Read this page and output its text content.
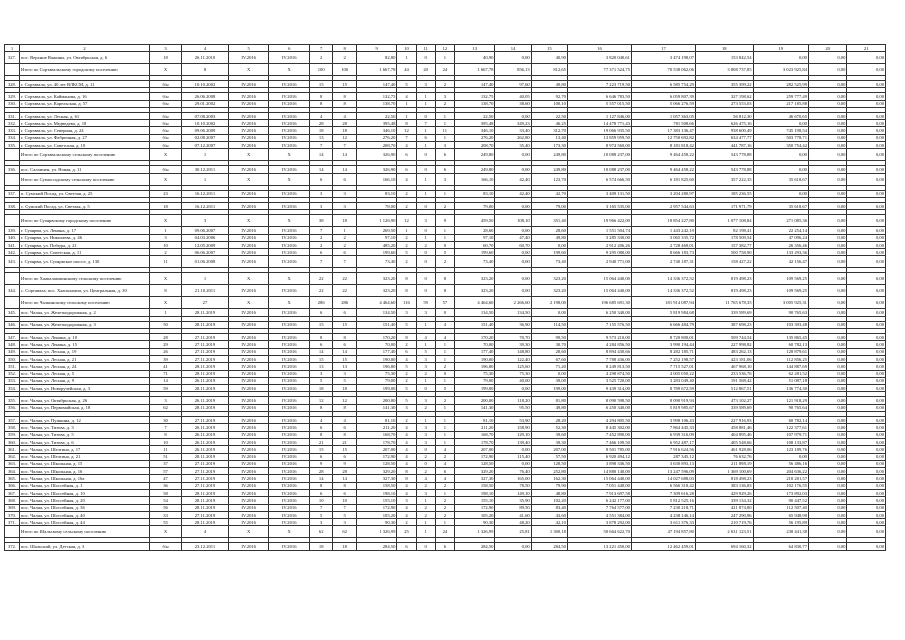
1	2	3	4	5	6	7	8	9	10	11	12	13	14	15	16	17	18	19	20	21
327.	пос. Верхние Важины, ул. Октябрьская, д. 6	18	26.11.2010	IV.2016	IV.2016	2	2	82,80	1	0	1	40,90	0,00	40,90	3 820 040,61	3 474 198,07	153 842,54	0,00	0,00	0,00
	Итого по Сортавальскому городскому поселению	X	8	X	X	100	100	1 667,78	44	20	24	1 667,78	856,13	812,65	77 371 524,75	70 538 062,06	3 808 737,85	3 023 925,84	0,00	0,00

328.	г. Сортавала, ул. 40 лет ВЛКСМ, д. 11	б/н	10.10.2002	IV.2016	IV.2016	15	15	147,40	5	3	2	147,40	97,60	49,80	7 223 719,50	6 585 754,29	355 399,22	282 525,99	0,00	0,00

329.	г. Сортавала, ул. Кайманова, д. 16	б/н	26.06.2008	IV.2016	IV.2016	8	8	132,75	4	1	3	132,75	40,05	92,70	6 646 783,50	6 059 807,39	327 198,62	259 777,49	0,00	0,00
330.	г. Сортавала, ул. Карельская, д. 57	б/н	29.01.2002	IV.2016	IV.2016	8	8	138,70	1	1	2	138,70	38,60	100,10	5 557 015,50	5 066 276,59	273 553,03	217 185,88	0,00	0,00

331.	г. Сортавала, ул. Лесная, д. 61	б/н	07.08.2003	IV.2016	IV.2016	4	4	22,50	1	0	1	22,50	0,00	22,50	1 127 846,00	1 057 363,05	56 812,30	46 670,65	0,00	0,00
332.	г. Сортавала, ул. Медведева, д. 18	б/н	10.10.2002	IV.2016	IV.2016	28	28	395,48	8	7	1	395,48	349,23	46,25	14 478 771,43	781 508,66	626 475,16	0,00	0,00	0,00
333.	г. Сортавала, ул. Северная, д. 24	б/н	09.06.2009	IV.2016	IV.2016	18	18	346,10	12	1	11	346,10	33,40	312,70	19 066 935,50	17 383 136,47	938 600,49	745 198,54	0,00	0,00
334.	г. Сортавала, ул. Фабричная, д. 27	б/н	02.08.2007	IV.2016	IV.2016	13	12	276,20	7	6	1	276,20	262,80	13,40	13 859 959,50	12 750 692,82	634 477,77	503 778,71	0,00	0,00
335.	г. Сортавала, ул. Советская, д. 10	б/н	07.12.2007	IV.2016	IV.2016	7	7	208,70	4	1	3	208,70	35,40	173,30	8 974 560,00	8 181 818,42	441 787,16	350 754,42	0,00	0,00
	Итого по Сортавальскому сельскому поселению	X	1	X	X	14	14	326,90	6	0	6	249,80	0,00	249,80	10 088 237,00	9 464 458,22	543 778,88	0,00	0,00	0,00

336.	пос. Салоинен, ул. Новая, д. 11	б/н	30.12.2011	IV.2016	IV.2016	14	14	326,90	6	0	6	249,80	0,00	249,80	10 088 237,00	9 464 458,22	543 778,88	0,00	0,00	0,00
	Итого по Сумпосадскому сельскому поселению	X	1	X	X	6	6	166,10	4	1	3	166,10	42,40	123,70	6 574 666,50	6 181 825,60	357 222,35	35 618,67	0,00	0,00

337.	п. Сумский Посад, ул. Светлая, д. 25	23	16.12.2011	IV.2016	IV.2016	3	3	83,10	2	1	1	83,10	42,40	42,70	3 409 131,50	3 204 280,97	185 236,55	0,00	0,00	0,00

338.	с. Сумский Посад, ул. Светлая, д. 5	18	16.12.2011	IV.2016	IV.2016	3	3	78,00	2	0	2	79,00	0,00	79,00	3 165 535,00	2 957 544,63	171 971,79	35 618,67	0,00	0,00

	Итого по Суоярвскому городскому поселению	X	3	X	X	38	18	1 126,90	12	3	9	459,50	108,10	351,40	19 966 422,00	18 854 227,80	1 077 108,84	271 085,36	0,00	0,00
339.	г. Суоярви, ул. Ленина, д. 17	1	09.06.2007	IV.2016	IV.2016	7	1	269,50	1	0	1	28,60	0,00	28,60	1 551 504,74	1 443 242,19	82 198,41	22 254,14	0,00	0,00
340.	г. Суоярви, ул. Николаева, д. 46	3	04.03.2006	IV.2016	IV.2016	2	2	97,10	2	1	1	97,10	47,40	49,80	3 285 330,00	3 065 335,72	178 509,54	47 096,24	0,00	0,00
341.	г. Суоярви, ул. Победы, д. 21	10	12.05.2009	IV.2016	IV.2016	2	2	485,20	2	2	0	60,70	60,70	0,00	2 912 206,26	2 728 469,01	157 382,77	26 356,46	0,00	0,00
342.	г. Суоярви, ул. Советская, д. 11	2	06.06.2007	IV.2016	IV.2016	6	6	199,60	5	0	5	199,60	0,00	199,60	9 295 080,00	8 666 183,73	500 758,90	133 293,36	0,00	0,00
343.	г. Суоярви, ул. Суоярвское шоссе, д. 130	11	01.06.2008	IV.2016	IV.2016	7	7	73,40	2	0	2	73,40	0,00	73,40	2 940 771,00	2 740 187,31	158 427,22	42 156,47	0,00	0,00

	Итого по Хаапалампинскому сельскому поселению	X	1	X	X	22	22	323,20	8	0	8	323,20	0,00	323,20	15 064 440,00	14 336 372,52	819 498,23	109 569,25	0,00	0,00
344.	с. Сортавала, пос. Хаапалампи, ул. Центральная, д. 30	8	21.10.2011	IV.2016	IV.2016	22	22	323,20	8	0	8	323,20	0,00	323,20	15 064 440,00	14 336 372,52	819 498,23	109 569,25	0,00	0,00
	Итого по Чалнинскому сельскому поселению	X	27	X	X	286	286	4 464,60	116	59	57	4 464,60	2 266,60	2 198,00	196 685 691,30	181 914 087,94	11 765 678,35	3 005 925,31	0,00	0,00
345.	пос. Чална, ул. Железнодорожная, д. 2	1	28.11.2019	IV.2016	IV.2016	6	6	134,50	3	3	0	134,50	134,50	0,00	6 250 340,00	5 819 984,68	339 589,69	90 765,63	0,00	0,00

346.	пос. Чална, ул. Железнодорожная, д. 3	50	28.11.2019	IV.2016	IV.2016	15	15	151,40	5	1	4	151,40	36,90	114,50	7 155 576,50	6 666 484,79	387 698,23	103 393,48	0,00	0,00

347.	пос. Чална, ул. Ленина, д. 10	28	27.11.2019	IV.2016	IV.2016	8	8	170,20	8	4	4	170,20	70,70	99,50	9 573 210,00	8 720 800,01	509 744,54	135 865,45	0,00	0,00
348.	пос. Чална, ул. Ленина, д. 15	29	27.11.2019	IV.2016	IV.2016	6	6	70,00	2	1	1	70,00	39,30	30,70	4 284 856,50	3 990 194,44	227 998,82	60 782,13	0,00	0,00
349.	пос. Чална, ул. Лесная, д. 19	26	27.11.2019	IV.2016	IV.2016	14	14	177,40	6	5	1	177,40	148,80	28,60	8 894 430,66	8 282 185,71	483 262,13	128 879,61	0,00	0,00
350.	пос. Чална, ул. Лесная, д. 21	39	27.11.2019	IV.2016	IV.2016	15	15	190,00	4	3	1	190,00	122,40	67,60	7 788 436,00	7 252 198,57	423 181,06	112 856,25	0,00	0,00
351.	пос. Чална, ул. Лесная, д. 24	41	28.11.2019	IV.2016	IV.2016	13	13	196,80	5	3	2	196,80	125,60	71,20	8 249 813,50	7 715 527,01	467 968,10	144 887,69	0,00	0,00
352.	пос. Чална, ул. Лесная, д. 5	71	28.11.2019	IV.2016	IV.2016	3	3	75,30	2	2	0	75,30	75,30	0,00	4 298 874,50	4 005 050,22	233 536,76	62 281,52	0,00	0,00
353.	пос. Чална, ул. Лесная, д. 9	14	26.11.2019	IV.2016	IV.2016	5	5	79,00	2	1	1	79,00	40,00	39,00	3 525 720,00	3 283 049,40	191 568,42	51 087,18	0,00	0,00
354.	пос. Чална, ул. Новоручейская, д. 3	59	28.11.2019	IV.2016	IV.2016	18	18	199,00	5	0	5	199,00	0,00	199,00	9 439 314,00	8 789 672,59	512 867,51	136 774,30	0,00	0,00

355.	пос. Чална, ул. Октябрьская, д. 26	3	26.11.2019	IV.2016	IV.2016	12	12	200,00	5	3	2	200,00	118,20	81,80	8 090 598,50	8 090 919,94	473 102,27	121 918,29	0,00	0,00
356.	пос. Чална, ул. Первомайская, д. 18	62	28.11.2019	IV.2016	IV.2016	8	8	141,30	3	2	1	141,30	95,50	49,80	6 250 340,00	5 819 985,67	339 589,69	90 765,64	0,00	0,00

357.	пос. Чална, ул. Пушкина, д. 12	30	27.11.2019	IV.2016	IV.2016	4	4	81,10	2	1	1	81,10	53,90	28,20	4 294 805,50	3 998 106,43	227 916,93	60 782,14	0,00	0,00
358.	пос. Чална, ул. Титова, д. 3	7	26.11.2019	IV.2016	IV.2016	6	6	211,20	4	3	1	211,20	158,90	52,30	8 445 302,00	7 864 445,33	458 881,46	122 377,61	0,00	0,00
359.	пос. Чална, ул. Титова, д. 5	8	26.11.2019	IV.2016	IV.2016	8	8	168,70	4	3	1	168,70	129,10	39,60	7 452 890,00	6 939 316,09	404 895,46	107 979,71	0,00	0,00
360.	пос. Чална, ул. Титова, д. 6	10	26.11.2019	IV.2016	IV.2016	21	21	178,70	4	3	1	178,70	139,40	39,30	7 466 109,50	6 952 487,17	405 548,66	108 133,87	0,00	0,00
361.	пос. Чална, ул. Шелгина, д. 17	11	26.11.2019	IV.2016	IV.2016	15	15	207,00	4	0	4	207,00	0,00	207,00	8 501 785,00	7 916 624,56	461 928,06	123 189,76	0,00	0,00
362.	пос. Чална, ул. Шелгина, д. 21	51	28.11.2019	IV.2016	IV.2016	6	6	172,90	4	2	2	172,90	115,40	57,50	6 920 494,12	287 345,12	76 632,76	0,00	0,00	0,00
363.	пос. Чална, ул. Школьная, д. 15	37	27.11.2019	IV.2016	IV.2016	9	9	128,50	4	0	4	128,50	0,00	128,50	3 898 336,50	3 630 893,13	211 898,19	56 486,16	0,00	0,00
364.	пос. Чална, ул. Школьная, д. 16	57	27.11.2019	IV.2016	IV.2016	28	28	329,20	8	2	6	329,20	76,40	252,80	14 880 140,00	13 247 596,09	1 369 100,69	204 636,22	0,00	0,00
365.	пос. Чална, ул. Школьная, д. 16а	47	27.11.2019	IV.2016	IV.2016	14	14	327,30	8	4	4	327,30	165,00	162,30	15 064 440,00	14 027 688,03	818 498,23	218 281,57	0,00	0,00
366.	пос. Чална, ул. Шоссейная, д. 1	36	27.11.2019	IV.2016	IV.2016	8	8	158,50	4	2	2	158,50	78,50	79,90	7 051 440,00	6 566 318,42	383 136,83	102 176,55	0,00	0,00
367.	пос. Чална, ул. Шоссейная, д. 10	58	28.11.2019	IV.2016	IV.2016	6	6	198,10	4	3	1	198,10	149,10	48,80	7 913 697,58	7 309 616,28	429 929,26	173 892,03	0,00	0,00
368.	пос. Чална, ул. Шоссейная, д. 20	54	28.11.2019	IV.2016	IV.2016	10	10	155,10	3	1	2	155,10	35,90	102,20	6 242 177,00	5 812 525,16	339 134,32	90 447,52	0,00	0,00
369.	пос. Чална, ул. Шоссейная, д. 36	56	28.11.2019	IV.2016	IV.2016	7	7	172,90	4	2	2	172,90	89,50	83,40	7 764 577,00	7 230 218,71	421 874,80	112 507,40	0,00	0,00
370.	пос. Чална, ул. Шоссейная, д. 40	33	27.11.2019	IV.2016	IV.2016	5	5	105,20	4	2	2	105,20	41,60	43,60	4 551 384,00	4 238 146,14	247 290,96	65 948,90	0,00	0,00
371.	пос. Чална, ул. Шоссейная, д. 44	55	28.11.2019	IV.2016	IV.2016	3	3	90,30	2	1	1	90,30	48,20	42,10	3 878 292,00	3 611 376,33	210 719,76	56 195,89	0,00	0,00
	Итого по Шальскому сельскому поселению	X	4	X	X	62	62	1 326,99	25	1	24	1 326,99	25,81	1 300,18	50 664 622,70	47 194 857,80	2 631 123,51	238 441,38	0,00	0,00

372.	пос. Шальский, ул. Детская, д. 3	б/н	23.12.2011	IV.2016	IV.2016	18	18	284,50	6	0	6	284,50	0,00	284,50	13 221 450,00	12 462 459,01	694 160,32	64 830,77	0,00	0,00
